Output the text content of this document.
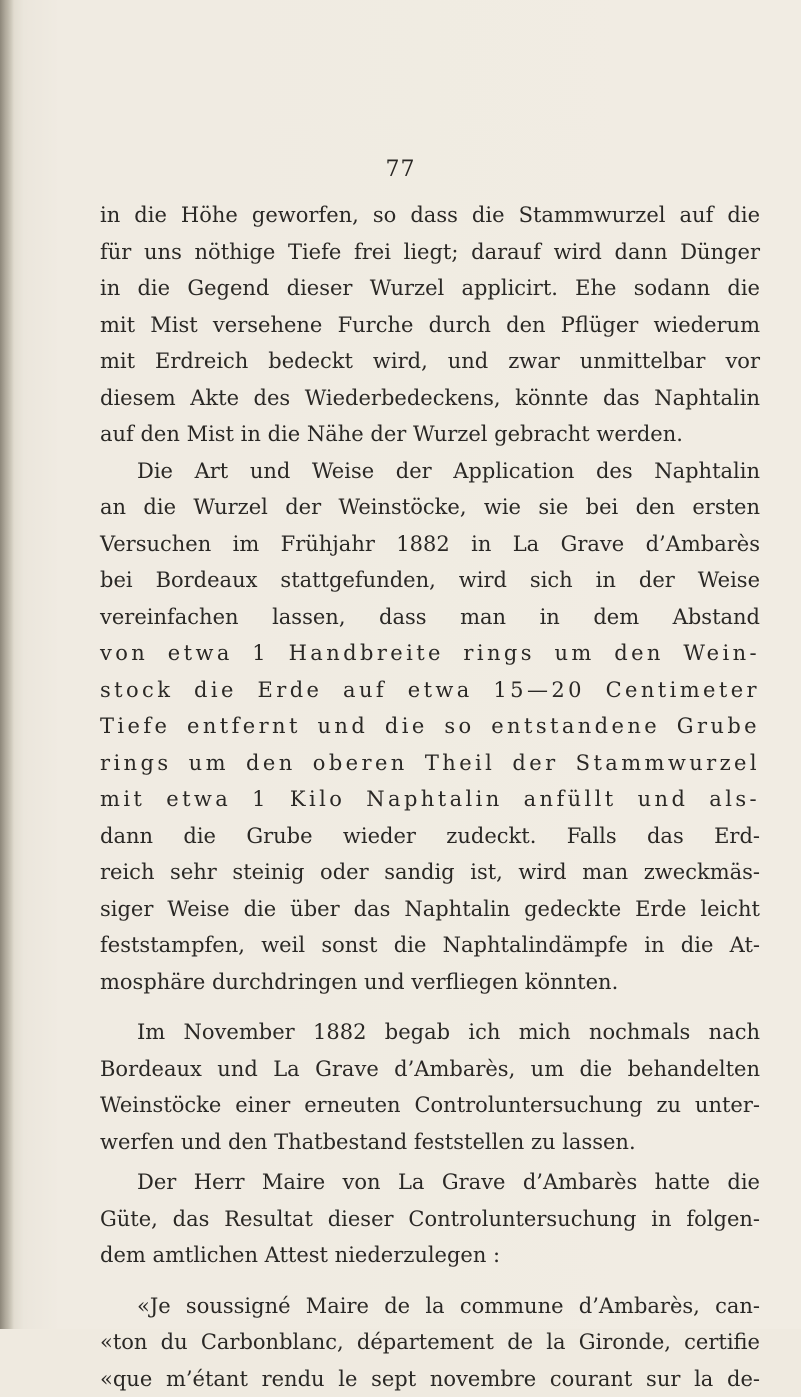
77
in die Höhe geworfen, so dass die Stammwurzel auf die
für uns nöthige Tiefe frei liegt; darauf wird dann Dünger
in die Gegend dieser Wurzel applicirt. Ehe sodann die
mit Mist versehene Furche durch den Pflüger wiederum
mit Erdreich bedeckt wird, und zwar unmittelbar vor
diesem Akte des Wiederbedeckens, könnte das Naphtalin
auf den Mist in die Nähe der Wurzel gebracht werden.
Die Art und Weise der Application des Naphtalin
an die Wurzel der Weinstöcke, wie sie bei den ersten
Versuchen im Frühjahr 1882 in La Grave d’Ambarès
bei Bordeaux stattgefunden, wird sich in der Weise
vereinfachen lassen, dass man in dem Abstand
von etwa 1 Handbreite rings um den Wein-
stock die Erde auf etwa 15—20 Centimeter
Tiefe entfernt und die so entstandene Grube
rings um den oberen Theil der Stammwurzel
mit etwa 1 Kilo Naphtalin anfüllt und als-
dann die Grube wieder zudeckt. Falls das Erd-
reich sehr steinig oder sandig ist, wird man zweckmäs-
siger Weise die über das Naphtalin gedeckte Erde leicht
feststampfen, weil sonst die Naphtalindämpfe in die At-
mosphäre durchdringen und verfliegen könnten.
Im November 1882 begab ich mich nochmals nach
Bordeaux und La Grave d’Ambarès, um die behandelten
Weinstöcke einer erneuten Controluntersuchung zu unter-
werfen und den Thatbestand feststellen zu lassen.
Der Herr Maire von La Grave d’Ambarès hatte die
Güte, das Resultat dieser Controluntersuchung in folgen-
dem amtlichen Attest niederzulegen :
«Je soussigné Maire de la commune d’Ambarès, can-
«ton du Carbonblanc, département de la Gironde, certifie
«que m’étant rendu le sept novembre courant sur la de-
